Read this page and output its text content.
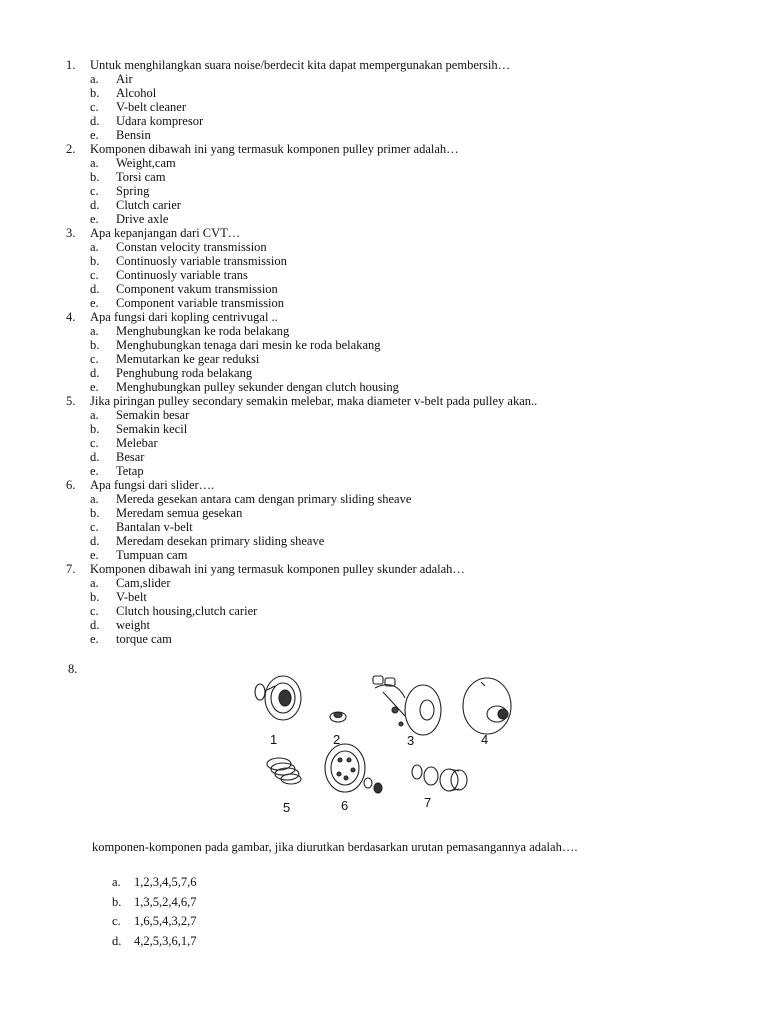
1. Untuk menghilangkan suara noise/berdecit kita dapat mempergunakan pembersih…
a. Air
b. Alcohol
c. V-belt cleaner
d. Udara kompresor
e. Bensin
2. Komponen dibawah ini yang termasuk komponen pulley primer adalah…
a. Weight,cam
b. Torsi cam
c. Spring
d. Clutch carier
e. Drive axle
3. Apa kepanjangan dari CVT…
a. Constan velocity transmission
b. Continuosly variable transmission
c. Continuosly variable trans
d. Component vakum transmission
e. Component variable transmission
4. Apa fungsi dari kopling centrivugal ..
a. Menghubungkan ke roda belakang
b. Menghubungkan tenaga dari mesin ke roda belakang
c. Memutarkan ke gear reduksi
d. Penghubung roda belakang
e. Menghubungkan pulley sekunder dengan clutch housing
5. Jika piringan pulley secondary semakin melebar, maka diameter v-belt pada pulley akan..
a. Semakin besar
b. Semakin kecil
c. Melebar
d. Besar
e. Tetap
6. Apa fungsi dari slider….
a. Mereda gesekan antara cam dengan primary sliding sheave
b. Meredam semua gesekan
c. Bantalan v-belt
d. Meredam desekan primary sliding sheave
e. Tumpuan cam
7. Komponen dibawah ini yang termasuk komponen pulley skunder adalah…
a. Cam,slider
b. V-belt
c. Clutch housing,clutch carier
d. weight
e. torque cam
8.
1	2	3	4
5	6	7
komponen-komponen pada gambar, jika diurutkan berdasarkan urutan pemasangannya adalah….
a. 1,2,3,4,5,7,6
b. 1,3,5,2,4,6,7
c. 1,6,5,4,3,2,7
d. 4,2,5,3,6,1,7
